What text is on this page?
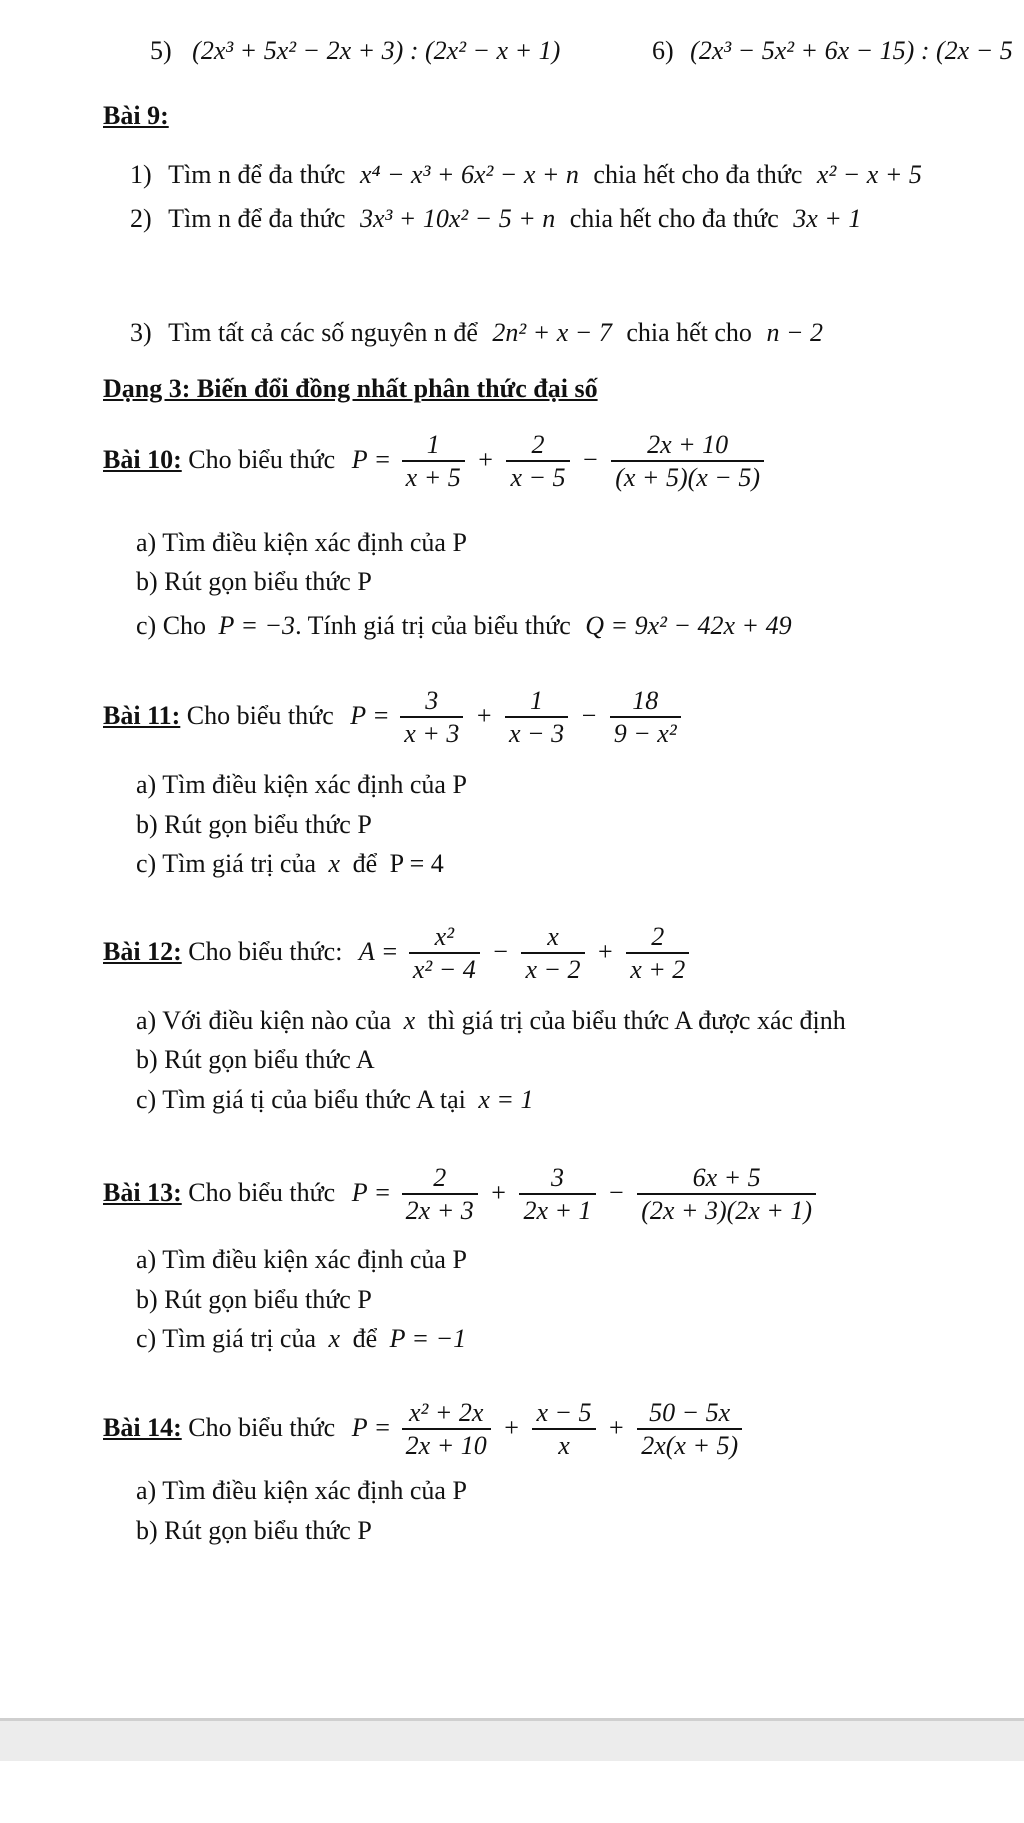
5) (2x³ + 5x² − 2x + 3) : (2x² − x + 1)	6) (2x³ − 5x² + 6x − 15) : (2x − 5
Bài 9:
1) Tìm n để đa thức x⁴ − x³ + 6x² − x + n chia hết cho đa thức x² − x + 5
2) Tìm n để đa thức 3x³ + 10x² − 5 + n chia hết cho đa thức 3x + 1
3) Tìm tất cả các số nguyên n để 2n² + x − 7 chia hết cho n − 2
Dạng 3: Biến đổi đồng nhất phân thức đại số
Bài 10: Cho biểu thức $P = \frac{1}{x + 5} + \frac{2}{x - 5} - \frac{2x + 10}{(x + 5)(x - 5)}$
a) Tìm điều kiện xác định của P
b) Rút gọn biểu thức P
c) Cho P = −3. Tính giá trị của biểu thức Q = 9x² − 42x + 49
Bài 11: Cho biểu thức $P = \frac{3}{x + 3} + \frac{1}{x - 3} - \frac{18}{\text{9 − x²}}$
a) Tìm điều kiện xác định của P
b) Rút gọn biểu thức P
c) Tìm giá trị của x để P = 4
Bài 12: Cho biểu thức: $A = \frac{\text{x²}}{\text{x² − 4}} - \frac{x}{x - 2} + \frac{2}{x + 2}$
a) Với điều kiện nào của x thì giá trị của biểu thức A được xác định
b) Rút gọn biểu thức A
c) Tìm giá tị của biểu thức A tại x = 1
Bài 13: Cho biểu thức $P = \frac{2}{2x + 3} + \frac{3}{2x + 1} - \frac{6x + 5}{(2x + 3)(2x + 1)}$
a) Tìm điều kiện xác định của P
b) Rút gọn biểu thức P
c) Tìm giá trị của x để P = −1
Bài 14: Cho biểu thức $P = \frac{\text{x² + 2x}}{2x + 10} + \frac{x - 5}{x} + \frac{50 - 5x}{2x(x + 5)}$
a) Tìm điều kiện xác định của P
b) Rút gọn biểu thức P
